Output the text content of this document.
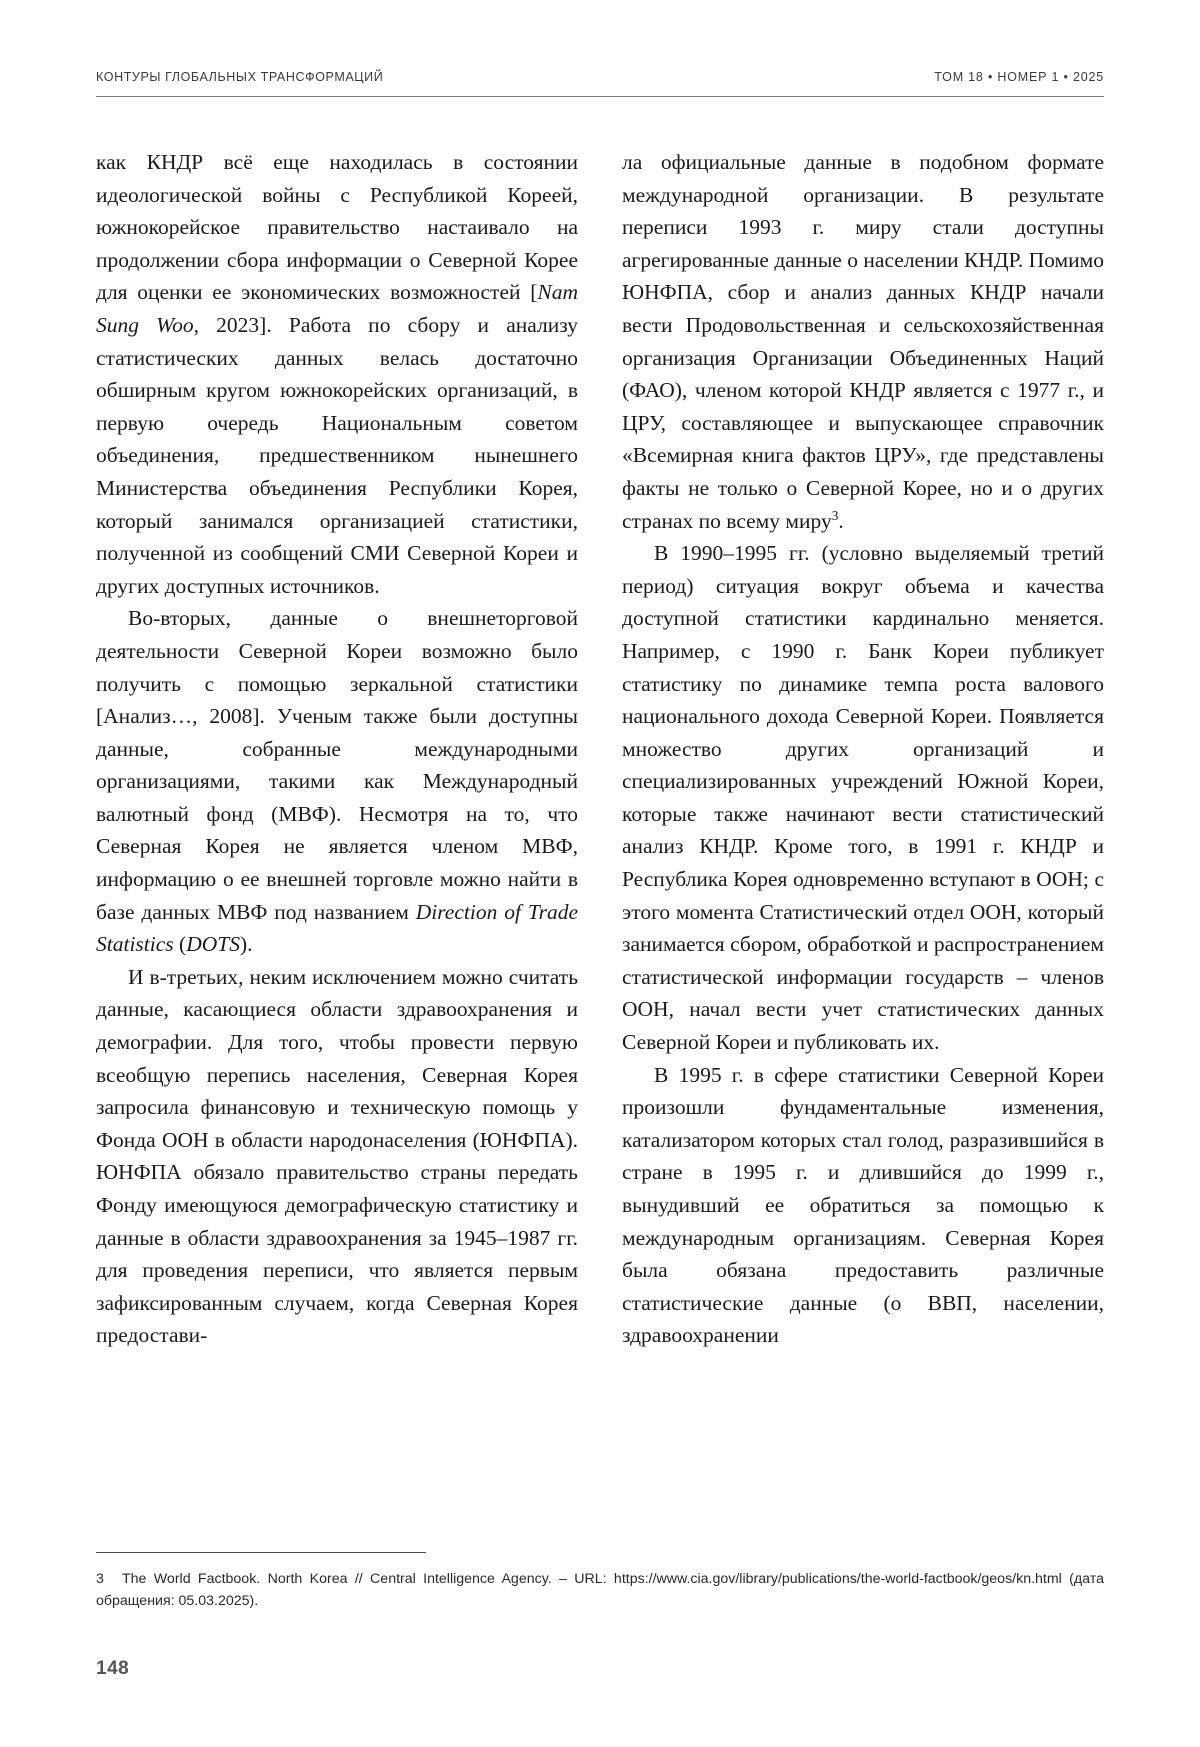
КОНТУРЫ ГЛОБАЛЬНЫХ ТРАНСФОРМАЦИЙ	ТОМ 18 • НОМЕР 1 • 2025

как КНДР всё еще находилась в состоянии идеологической войны с Республикой Кореей, южнокорейское правительство настаивало на продолжении сбора информации о Северной Корее для оценки ее экономических возможностей [Nam Sung Woo, 2023]. Работа по сбору и анализу статистических данных велась достаточно обширным кругом южнокорейских организаций, в первую очередь Национальным советом объединения, предшественником нынешнего Министерства объединения Республики Корея, который занимался организацией статистики, полученной из сообщений СМИ Северной Кореи и других доступных источников.

Во-вторых, данные о внешнеторговой деятельности Северной Кореи возможно было получить с помощью зеркальной статистики [Анализ…, 2008]. Ученым также были доступны данные, собранные международными организациями, такими как Международный валютный фонд (МВФ). Несмотря на то, что Северная Корея не является членом МВФ, информацию о ее внешней торговле можно найти в базе данных МВФ под названием Direction of Trade Statistics (DOTS).

И в-третьих, неким исключением можно считать данные, касающиеся области здравоохранения и демографии. Для того, чтобы провести первую всеобщую перепись населения, Северная Корея запросила финансовую и техническую помощь у Фонда ООН в области народонаселения (ЮНФПА). ЮНФПА обязало правительство страны передать Фонду имеющуюся демографическую статистику и данные в области здравоохранения за 1945–1987 гг. для проведения переписи, что является первым зафиксированным случаем, когда Северная Корея предостави-

ла официальные данные в подобном формате международной организации. В результате переписи 1993 г. миру стали доступны агрегированные данные о населении КНДР. Помимо ЮНФПА, сбор и анализ данных КНДР начали вести Продовольственная и сельскохозяйственная организация Организации Объединенных Наций (ФАО), членом которой КНДР является с 1977 г., и ЦРУ, составляющее и выпускающее справочник «Всемирная книга фактов ЦРУ», где представлены факты не только о Северной Корее, но и о других странах по всему миру$^3$.

В 1990–1995 гг. (условно выделяемый третий период) ситуация вокруг объема и качества доступной статистики кардинально меняется. Например, с 1990 г. Банк Кореи публикует статистику по динамике темпа роста валового национального дохода Северной Кореи. Появляется множество других организаций и специализированных учреждений Южной Кореи, которые также начинают вести статистический анализ КНДР. Кроме того, в 1991 г. КНДР и Республика Корея одновременно вступают в ООН; с этого момента Статистический отдел ООН, который занимается сбором, обработкой и распространением статистической информации государств – членов ООН, начал вести учет статистических данных Северной Кореи и публиковать их.

В 1995 г. в сфере статистики Северной Кореи произошли фундаментальные изменения, катализатором которых стал голод, разразившийся в стране в 1995 г. и длившийся до 1999 г., вынудивший ее обратиться за помощью к международным организациям. Северная Корея была обязана предоставить различные статистические данные (о ВВП, населении, здравоохранении

3 The World Factbook. North Korea // Central Intelligence Agency. – URL: https://www.cia.gov/library/publications/the-world-factbook/geos/kn.html (дата обращения: 05.03.2025).
148
